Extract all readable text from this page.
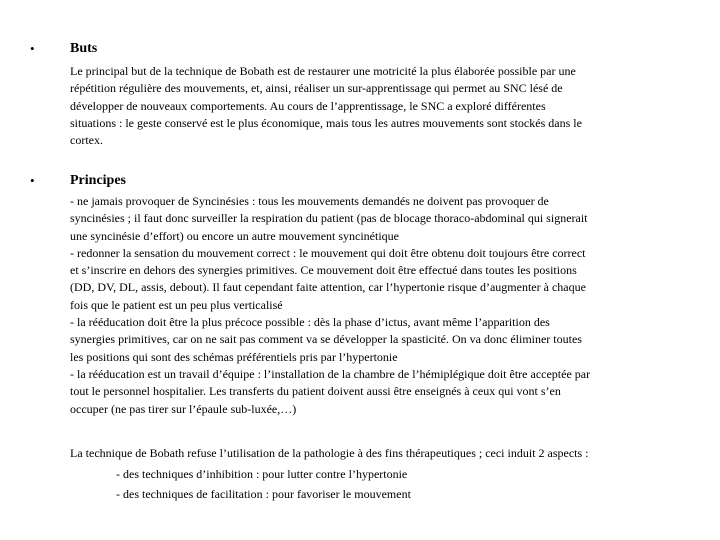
•	Buts

Le principal but de la technique de Bobath est de restaurer une motricité la plus élaborée possible par une
répétition régulière des mouvements, et, ainsi, réaliser un sur-apprentissage qui permet au SNC lésé de
développer de nouveaux comportements. Au cours de l’apprentissage, le SNC a exploré différentes
situations : le geste conservé est le plus économique, mais tous les autres mouvements sont stockés dans le
cortex.

•	Principes

- ne jamais provoquer de Syncinésies : tous les mouvements demandés ne doivent pas provoquer de
syncinésies ; il faut donc surveiller la respiration du patient (pas de blocage thoraco-abdominal qui signerait
une syncinésie d’effort) ou encore un autre mouvement syncinétique
- redonner la sensation du mouvement correct : le mouvement qui doit être obtenu doit toujours être correct
et s’inscrire en dehors des synergies primitives. Ce mouvement doit être effectué dans toutes les positions
(DD, DV, DL, assis, debout). Il faut cependant faite attention, car l’hypertonie risque d’augmenter à chaque
fois que le patient est un peu plus verticalisé
- la rééducation doit être la plus précoce possible : dès la phase d’ictus, avant même l’apparition des
synergies primitives, car on ne sait pas comment va se développer la spasticité. On va donc éliminer toutes
les positions qui sont des schémas préférentiels pris par l’hypertonie
- la rééducation est un travail d’équipe : l’installation de la chambre de l’hémiplégique doit être acceptée par
tout le personnel hospitalier. Les transferts du patient doivent aussi être enseignés à ceux qui vont s’en
occuper (ne pas tirer sur l’épaule sub-luxée,…)

La technique de Bobath refuse l’utilisation de la pathologie à des fins thérapeutiques ; ceci induit 2 aspects :
- des techniques d’inhibition : pour lutter contre l’hypertonie
- des techniques de facilitation : pour favoriser le mouvement
